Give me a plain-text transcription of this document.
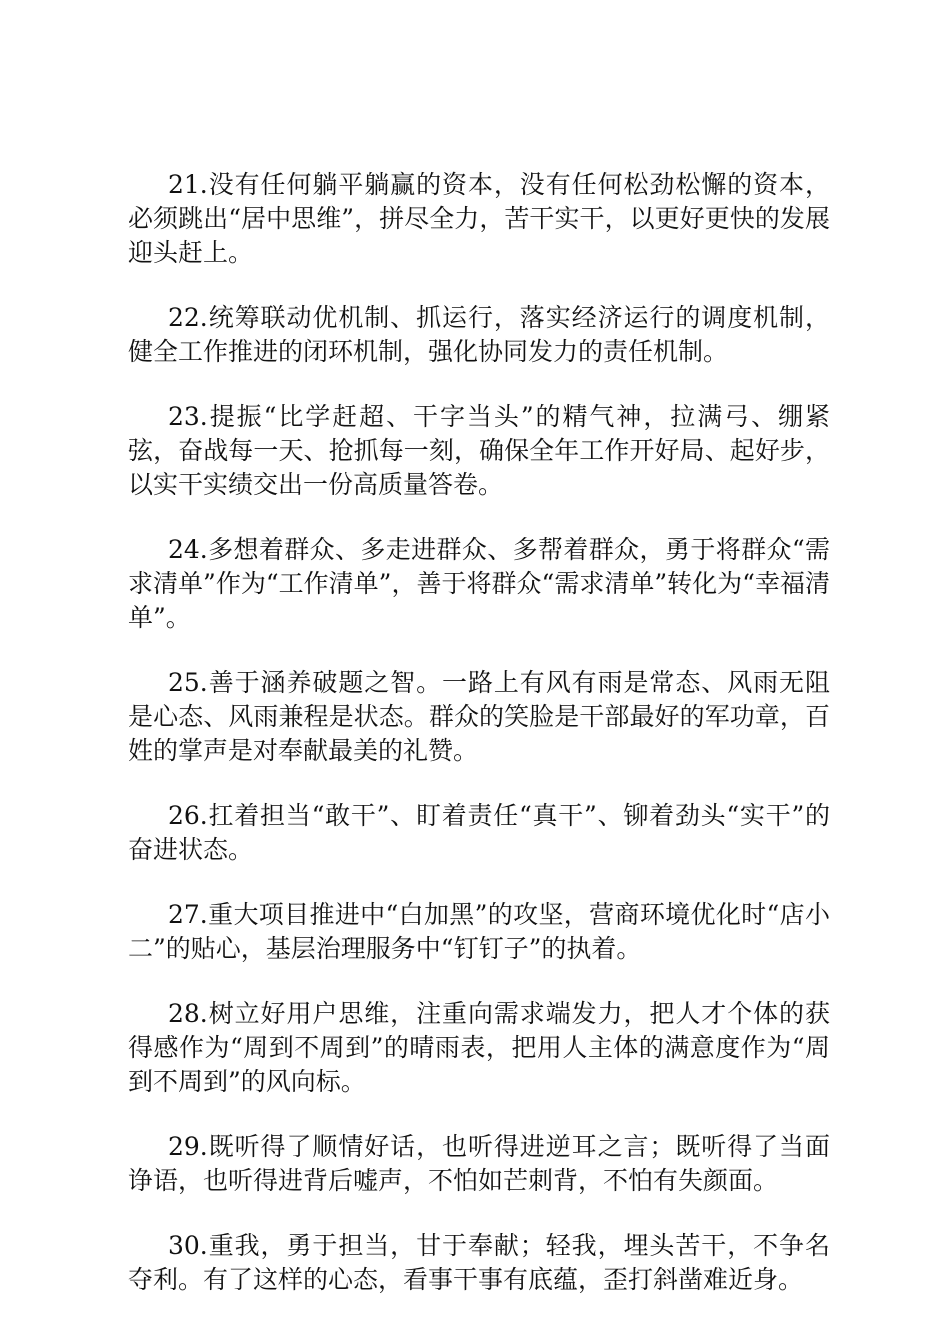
21.没有任何躺平躺赢的资本，没有任何松劲松懈的资本，必须跳出“居中思维”，拼尽全力，苦干实干，以更好更快的发展迎头赶上。

22.统筹联动优机制、抓运行，落实经济运行的调度机制，健全工作推进的闭环机制，强化协同发力的责任机制。

23.提振“比学赶超、干字当头”的精气神，拉满弓、绷紧弦，奋战每一天、抢抓每一刻，确保全年工作开好局、起好步，以实干实绩交出一份高质量答卷。

24.多想着群众、多走进群众、多帮着群众，勇于将群众“需求清单”作为“工作清单”，善于将群众“需求清单”转化为“幸福清单”。

25.善于涵养破题之智。一路上有风有雨是常态、风雨无阻是心态、风雨兼程是状态。群众的笑脸是干部最好的军功章，百姓的掌声是对奉献最美的礼赞。

26.扛着担当“敢干”、盯着责任“真干”、铆着劲头“实干”的奋进状态。

27.重大项目推进中“白加黑”的攻坚，营商环境优化时“店小二”的贴心，基层治理服务中“钉钉子”的执着。

28.树立好用户思维，注重向需求端发力，把人才个体的获得感作为“周到不周到”的晴雨表，把用人主体的满意度作为“周到不周到”的风向标。

29.既听得了顺情好话，也听得进逆耳之言；既听得了当面诤语，也听得进背后嘘声，不怕如芒刺背，不怕有失颜面。

30.重我，勇于担当，甘于奉献；轻我，埋头苦干，不争名夺利。有了这样的心态，看事干事有底蕴，歪打斜凿难近身。
